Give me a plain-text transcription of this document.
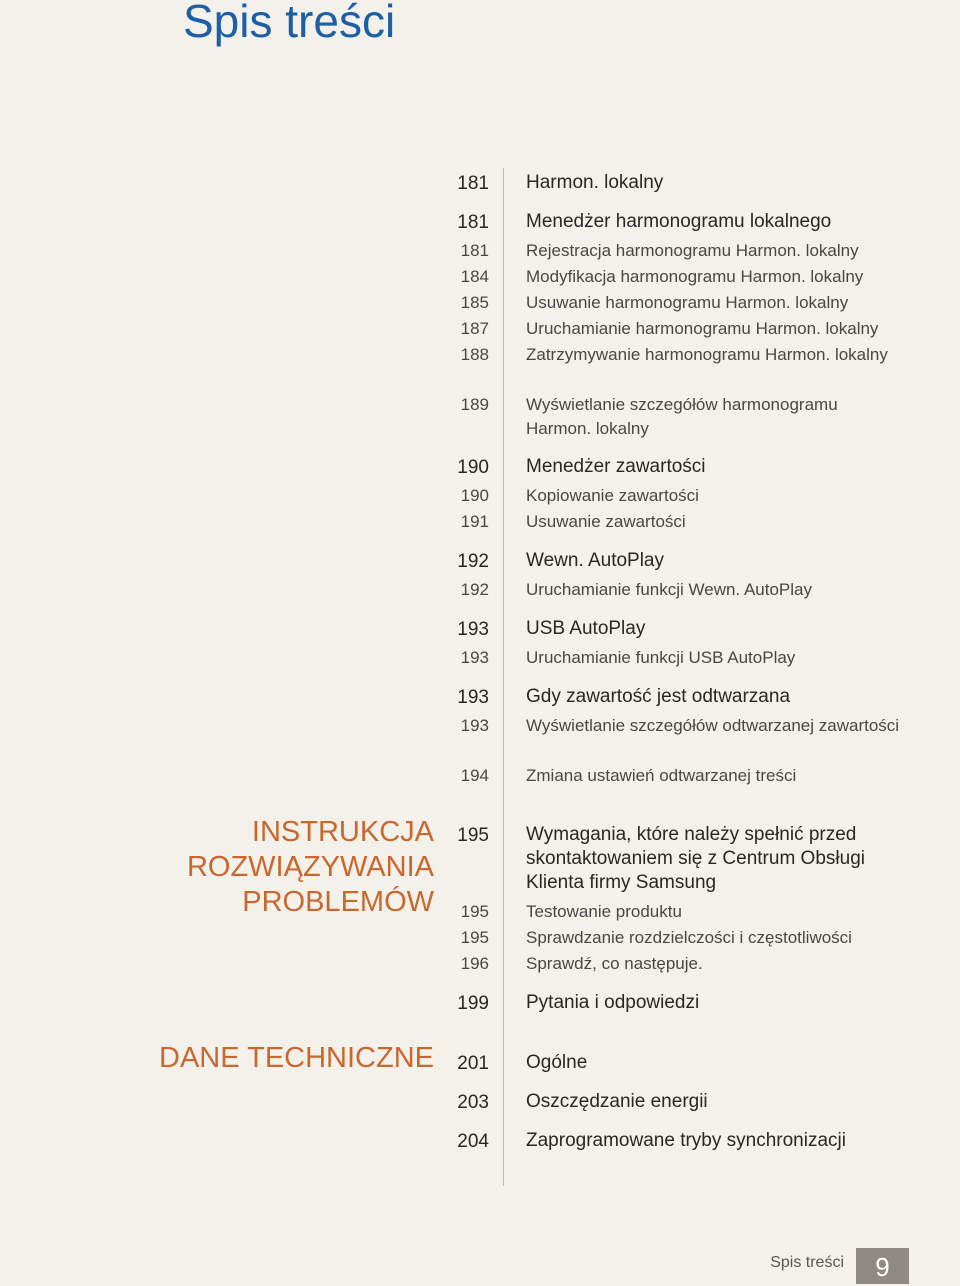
Spis treści
INSTRUKCJA
ROZWIĄZYWANIA
PROBLEMÓW
DANE TECHNICZNE
181 Harmon. lokalny
181 Menedżer harmonogramu lokalnego
181 Rejestracja harmonogramu Harmon. lokalny
184 Modyfikacja harmonogramu Harmon. lokalny
185 Usuwanie harmonogramu Harmon. lokalny
187 Uruchamianie harmonogramu Harmon. lokalny
188 Zatrzymywanie harmonogramu Harmon. lokalny
189 Wyświetlanie szczegółów harmonogramu Harmon. lokalny
190 Menedżer zawartości
190 Kopiowanie zawartości
191 Usuwanie zawartości
192 Wewn. AutoPlay
192 Uruchamianie funkcji Wewn. AutoPlay
193 USB AutoPlay
193 Uruchamianie funkcji USB AutoPlay
193 Gdy zawartość jest odtwarzana
193 Wyświetlanie szczegółów odtwarzanej zawartości
194 Zmiana ustawień odtwarzanej treści
195 Wymagania, które należy spełnić przed skontaktowaniem się z Centrum Obsługi Klienta firmy Samsung
195 Testowanie produktu
195 Sprawdzanie rozdzielczości i częstotliwości
196 Sprawdź, co następuje.
199 Pytania i odpowiedzi
201 Ogólne
203 Oszczędzanie energii
204 Zaprogramowane tryby synchronizacji
Spis treści	9
